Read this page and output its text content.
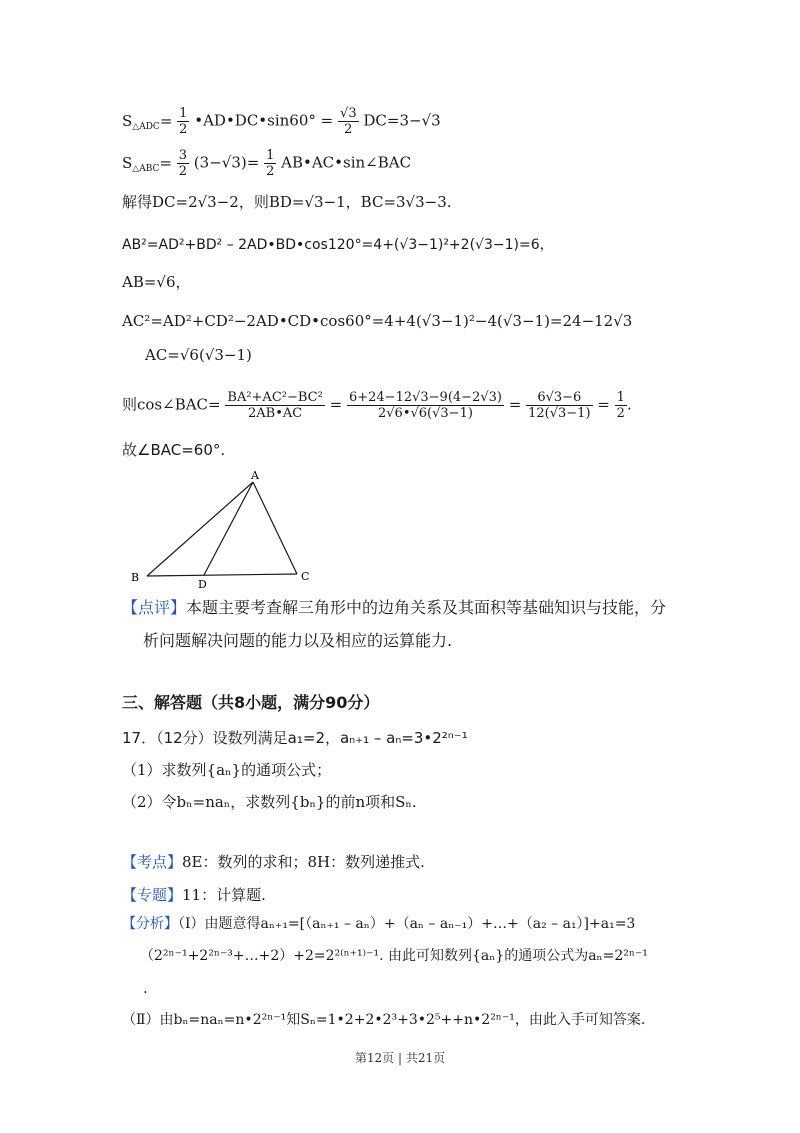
$S_{\triangle ADC}= \frac{1}{2}$ •AD•DC•sin60° = $\frac{√3}{2} DC=3-√3$
$S_{\triangle ABC}= \frac{3}{2} (3-√3)= \frac{1}{2}$ AB•AC•sin∠BAC
解得DC=2√3−2，则BD=√3−1，BC=3√3−3.
AB²=AD²+BD² – 2AD•BD•cos120°=4+(√3−1)²+2(√3−1)=6，
AB=√6，
AC²=AD²+CD²−2AD•CD•cos60°=4+4(√3−1)²−4(√3−1)=24−12√3
AC=√6(√3−1)
则cos∠BAC= $\frac{\text{BA²+AC²−BC²}}{2AB•AC} = \frac{6+24-12√3-9(4-2√3)}{2√6•√6(√3-1)} = \frac{6√3-6}{12(√3-1)} = \frac{1}{2}$ .
故∠BAC=60°.
A
B	C
D
【点评】本题主要考查解三角形中的边角关系及其面积等基础知识与技能，分
析问题解决问题的能力以及相应的运算能力.
三、解答题（共8小题，满分90分）
17．（12分）设数列满足a₁=2，aₙ₊₁ – aₙ=3•2²ⁿ⁻¹
（1）求数列{aₙ}的通项公式；
（2）令bₙ=naₙ，求数列{bₙ}的前n项和Sₙ.
【考点】8E：数列的求和；8H：数列递推式.
【专题】11：计算题.
【分析】（Ⅰ）由题意得aₙ₊₁=[（aₙ₊₁ – aₙ）+（aₙ – aₙ₋₁）+…+（a₂ – a₁）]+a₁=3
（2²ⁿ⁻¹+2²ⁿ⁻³+…+2）+2=2²⁽ⁿ⁺¹⁾⁻¹. 由此可知数列{aₙ}的通项公式为aₙ=2²ⁿ⁻¹
.
（Ⅱ）由bₙ=naₙ=n•2²ⁿ⁻¹知Sₙ=1•2+2•2³+3•2⁵++n•2²ⁿ⁻¹，由此入手可知答案.
第12页 | 共21页
